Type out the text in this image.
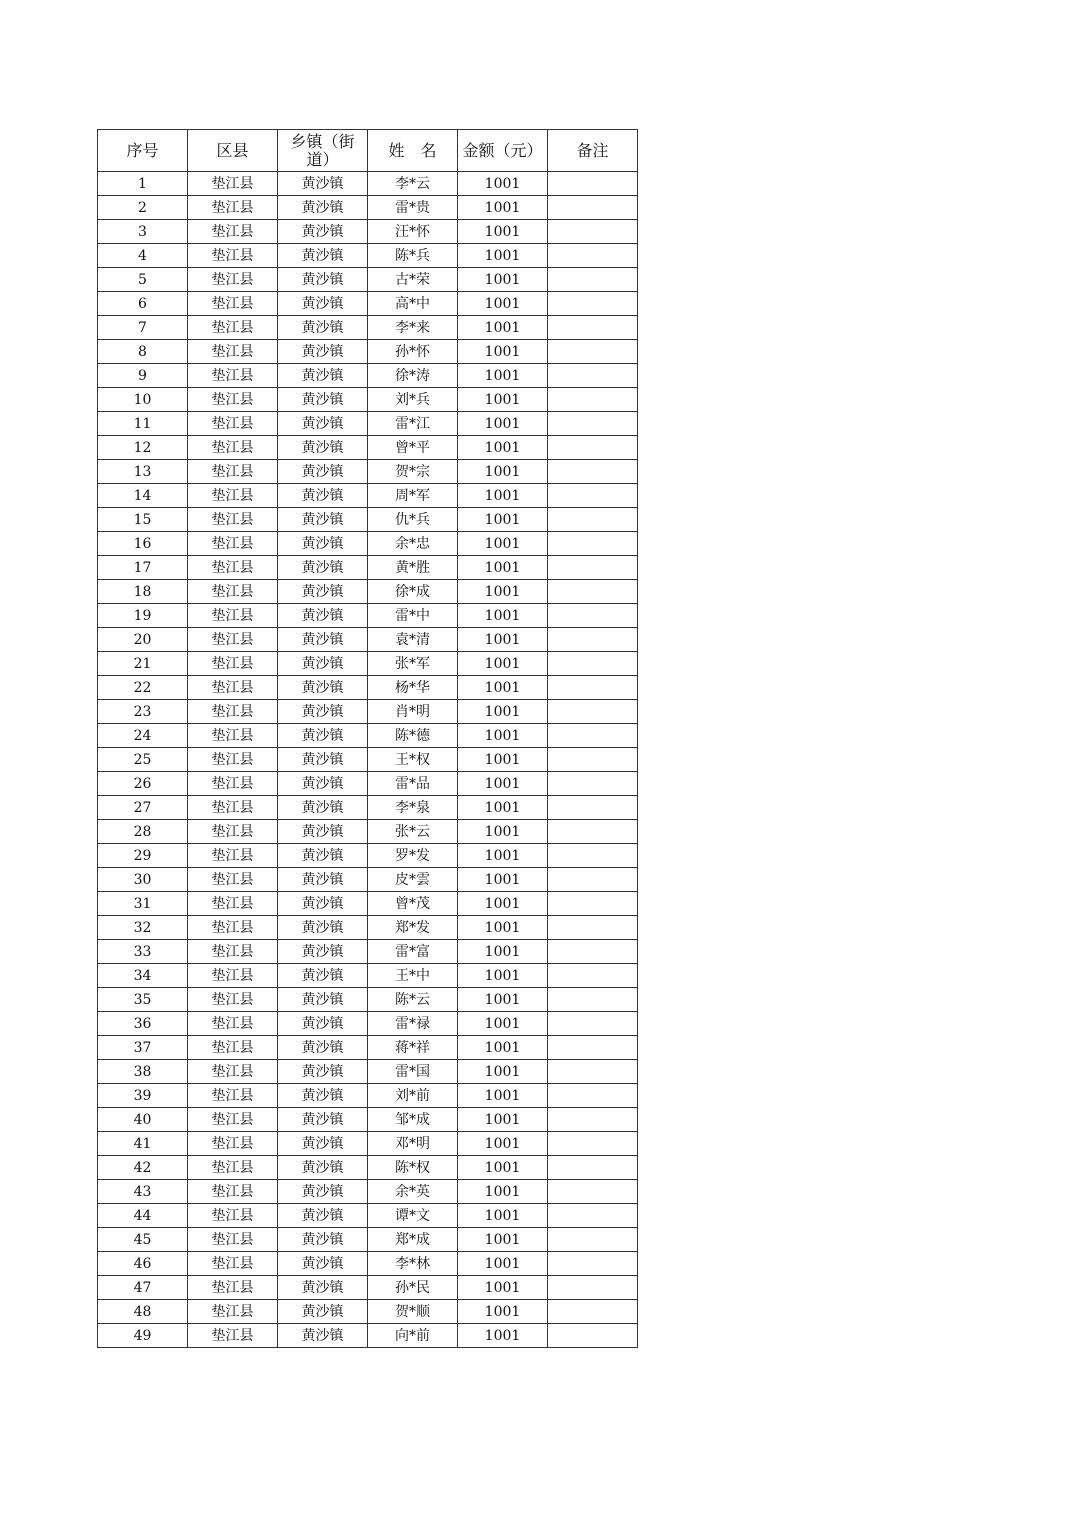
序号	区县	乡镇（街道）	姓　名	金额（元）	备注
1	垫江县	黄沙镇	李*云	1001	
2	垫江县	黄沙镇	雷*贵	1001	
3	垫江县	黄沙镇	汪*怀	1001	
4	垫江县	黄沙镇	陈*兵	1001	
5	垫江县	黄沙镇	古*荣	1001	
6	垫江县	黄沙镇	高*中	1001	
7	垫江县	黄沙镇	李*来	1001	
8	垫江县	黄沙镇	孙*怀	1001	
9	垫江县	黄沙镇	徐*涛	1001	
10	垫江县	黄沙镇	刘*兵	1001	
11	垫江县	黄沙镇	雷*江	1001	
12	垫江县	黄沙镇	曾*平	1001	
13	垫江县	黄沙镇	贺*宗	1001	
14	垫江县	黄沙镇	周*军	1001	
15	垫江县	黄沙镇	仇*兵	1001	
16	垫江县	黄沙镇	余*忠	1001	
17	垫江县	黄沙镇	黄*胜	1001	
18	垫江县	黄沙镇	徐*成	1001	
19	垫江县	黄沙镇	雷*中	1001	
20	垫江县	黄沙镇	袁*清	1001	
21	垫江县	黄沙镇	张*军	1001	
22	垫江县	黄沙镇	杨*华	1001	
23	垫江县	黄沙镇	肖*明	1001	
24	垫江县	黄沙镇	陈*德	1001	
25	垫江县	黄沙镇	王*权	1001	
26	垫江县	黄沙镇	雷*品	1001	
27	垫江县	黄沙镇	李*泉	1001	
28	垫江县	黄沙镇	张*云	1001	
29	垫江县	黄沙镇	罗*发	1001	
30	垫江县	黄沙镇	皮*雲	1001	
31	垫江县	黄沙镇	曾*茂	1001	
32	垫江县	黄沙镇	郑*发	1001	
33	垫江县	黄沙镇	雷*富	1001	
34	垫江县	黄沙镇	王*中	1001	
35	垫江县	黄沙镇	陈*云	1001	
36	垫江县	黄沙镇	雷*禄	1001	
37	垫江县	黄沙镇	蒋*祥	1001	
38	垫江县	黄沙镇	雷*国	1001	
39	垫江县	黄沙镇	刘*前	1001	
40	垫江县	黄沙镇	邹*成	1001	
41	垫江县	黄沙镇	邓*明	1001	
42	垫江县	黄沙镇	陈*权	1001	
43	垫江县	黄沙镇	余*英	1001	
44	垫江县	黄沙镇	谭*文	1001	
45	垫江县	黄沙镇	郑*成	1001	
46	垫江县	黄沙镇	李*林	1001	
47	垫江县	黄沙镇	孙*民	1001	
48	垫江县	黄沙镇	贺*顺	1001	
49	垫江县	黄沙镇	向*前	1001	
